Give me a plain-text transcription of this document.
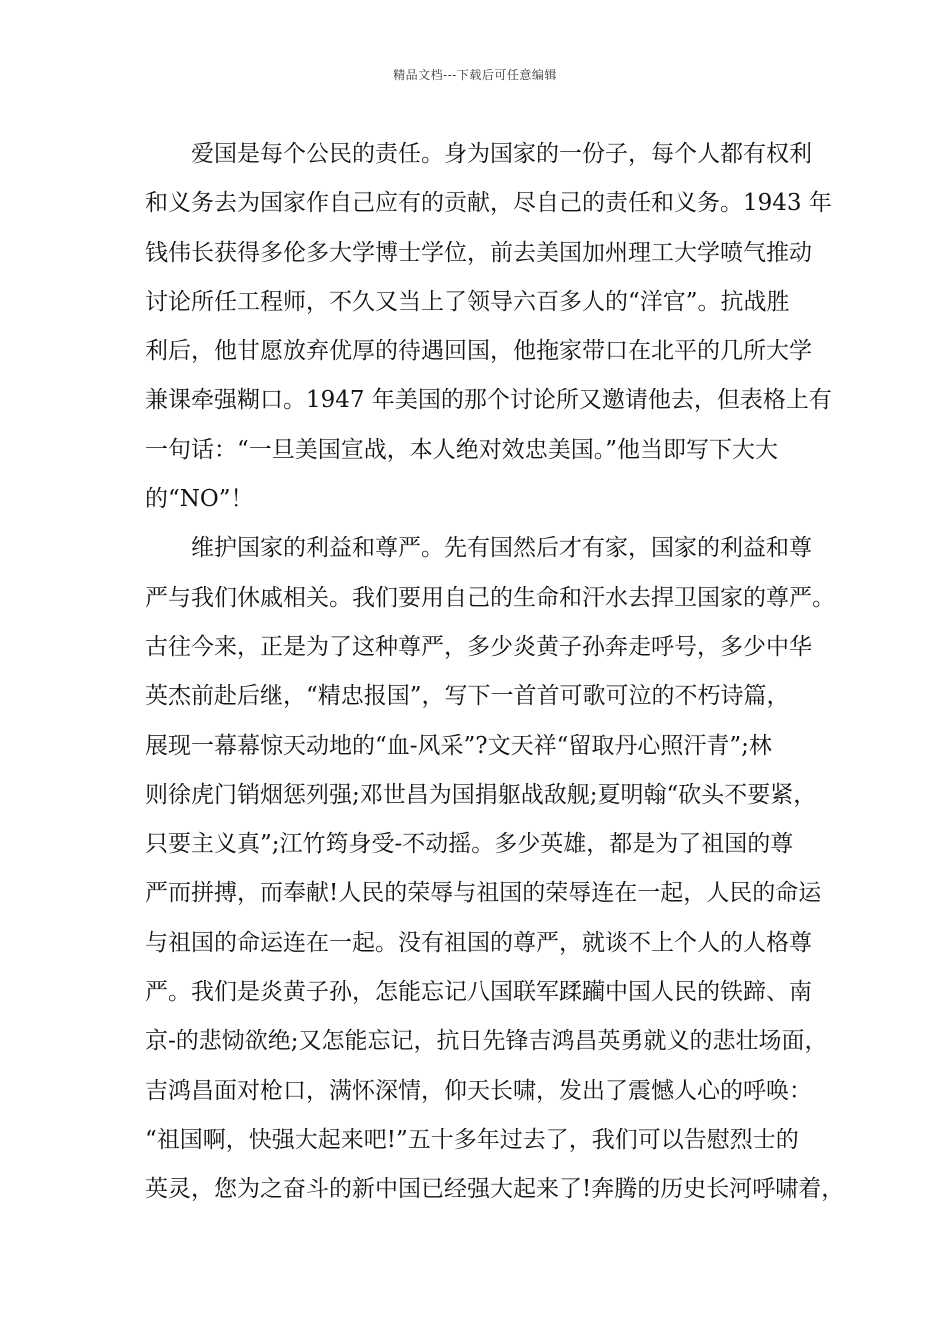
精品文档---下载后可任意编辑
爱国是每个公民的责任。身为国家的一份子，每个人都有权利
和义务去为国家作自己应有的贡献，尽自己的责任和义务。1943 年
钱伟长获得多伦多大学博士学位，前去美国加州理工大学喷气推动
讨论所任工程师，不久又当上了领导六百多人的“洋官”。抗战胜
利后，他甘愿放弃优厚的待遇回国，他拖家带口在北平的几所大学
兼课牵强糊口。1947 年美国的那个讨论所又邀请他去，但表格上有
一句话：“一旦美国宣战，本人绝对效忠美国。”他当即写下大大
的“NO”！
维护国家的利益和尊严。先有国然后才有家，国家的利益和尊
严与我们休戚相关。我们要用自己的生命和汗水去捍卫国家的尊严。
古往今来，正是为了这种尊严，多少炎黄子孙奔走呼号，多少中华
英杰前赴后继，“精忠报国”，写下一首首可歌可泣的不朽诗篇，
展现一幕幕惊天动地的“血-风采”?文天祥“留取丹心照汗青”;林
则徐虎门销烟惩列强;邓世昌为国捐躯战敌舰;夏明翰“砍头不要紧，
只要主义真”;江竹筠身受-不动摇。多少英雄，都是为了祖国的尊
严而拼搏，而奉献!人民的荣辱与祖国的荣辱连在一起，人民的命运
与祖国的命运连在一起。没有祖国的尊严，就谈不上个人的人格尊
严。我们是炎黄子孙，怎能忘记八国联军蹂躏中国人民的铁蹄、南
京-的悲恸欲绝;又怎能忘记，抗日先锋吉鸿昌英勇就义的悲壮场面，
吉鸿昌面对枪口，满怀深情，仰天长啸，发出了震憾人心的呼唤：
“祖国啊，快强大起来吧!”五十多年过去了，我们可以告慰烈士的
英灵，您为之奋斗的新中国已经强大起来了!奔腾的历史长河呼啸着，
